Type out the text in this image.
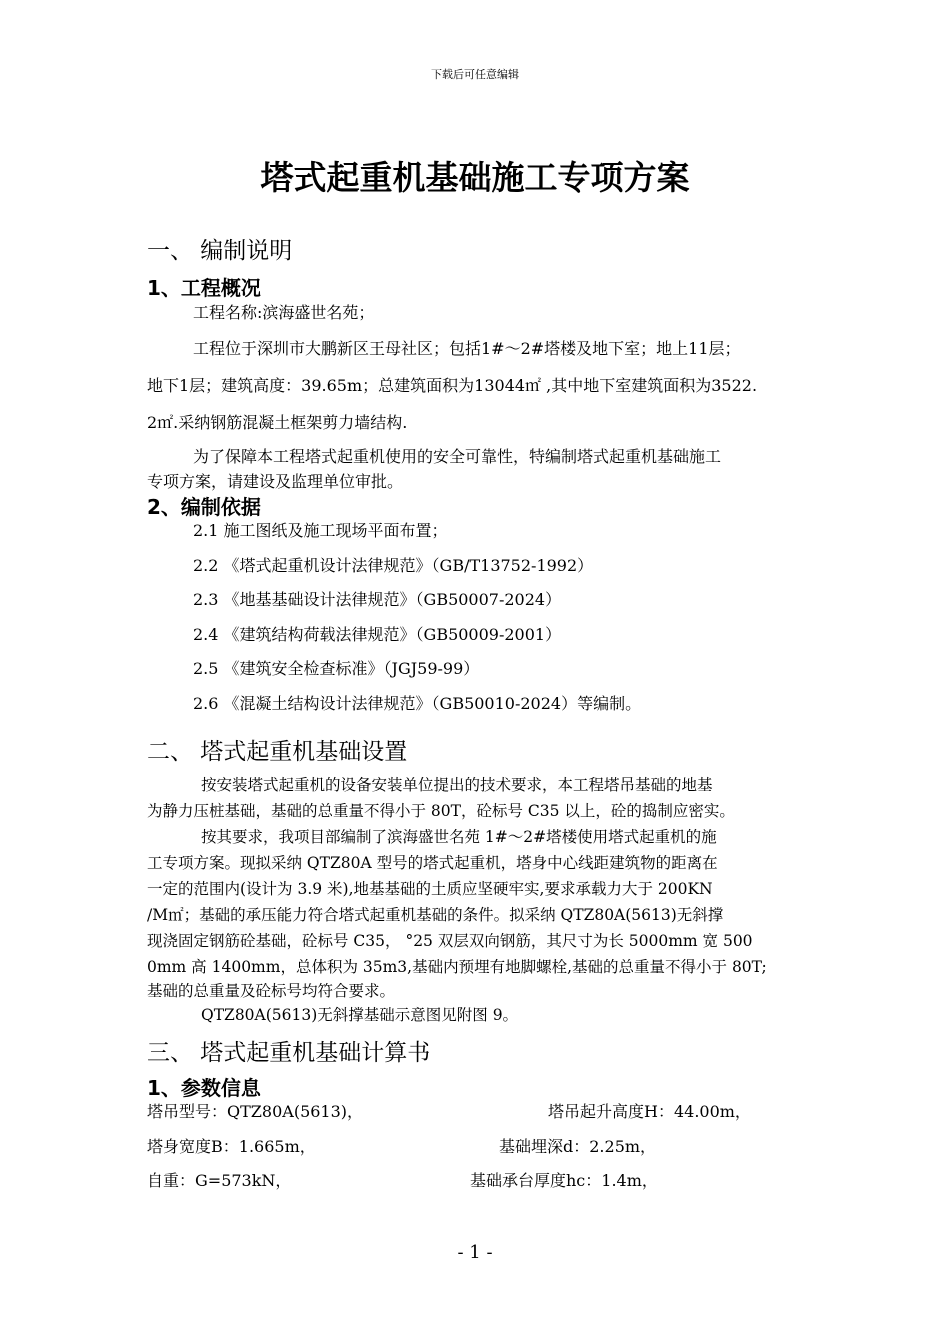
下载后可任意编辑
塔式起重机基础施工专项方案
一、 编制说明
1、工程概况
工程名称:滨海盛世名苑；
工程位于深圳市大鹏新区王母社区；包括1#～2#塔楼及地下室；地上11层；
地下1层；建筑高度：39.65m；总建筑面积为13044㎡ ,其中地下室建筑面积为3522.
2㎡.采纳钢筋混凝土框架剪力墙结构.
为了保障本工程塔式起重机使用的安全可靠性，特编制塔式起重机基础施工
专项方案，请建设及监理单位审批。
2、编制依据
2.1 施工图纸及施工现场平面布置；
2.2 《塔式起重机设计法律规范》（GB/T13752-1992）
2.3 《地基基础设计法律规范》（GB50007-2024）
2.4 《建筑结构荷载法律规范》（GB50009-2001）
2.5 《建筑安全检查标准》（JGJ59-99）
2.6 《混凝土结构设计法律规范》（GB50010-2024）等编制。
二、 塔式起重机基础设置
按安装塔式起重机的设备安装单位提出的技术要求，本工程塔吊基础的地基
为静力压桩基础，基础的总重量不得小于 80T，砼标号 C35 以上，砼的捣制应密实。
按其要求，我项目部编制了滨海盛世名苑 1#～2#塔楼使用塔式起重机的施
工专项方案。现拟采纳 QTZ80A 型号的塔式起重机，塔身中心线距建筑物的距离在
一定的范围内(设计为 3.9 米),地基基础的土质应坚硬牢实,要求承载力大于 200KN
/M㎡；基础的承压能力符合塔式起重机基础的条件。拟采纳 QTZ80A(5613)无斜撑
现浇固定钢筋砼基础，砼标号 C35， °25 双层双向钢筋，其尺寸为长 5000mm 宽 500
0mm 高 1400mm，总体积为 35m3,基础内预埋有地脚螺栓,基础的总重量不得小于 80T;
基础的总重量及砼标号均符合要求。
QTZ80A(5613)无斜撑基础示意图见附图 9。
三、 塔式起重机基础计算书
1、参数信息
塔吊型号：QTZ80A(5613)，	塔吊起升高度H：44.00m，
塔身宽度B：1.665m，	基础埋深d：2.25m，
自重：G=573kN，	基础承台厚度hc：1.4m，
- 1 -
